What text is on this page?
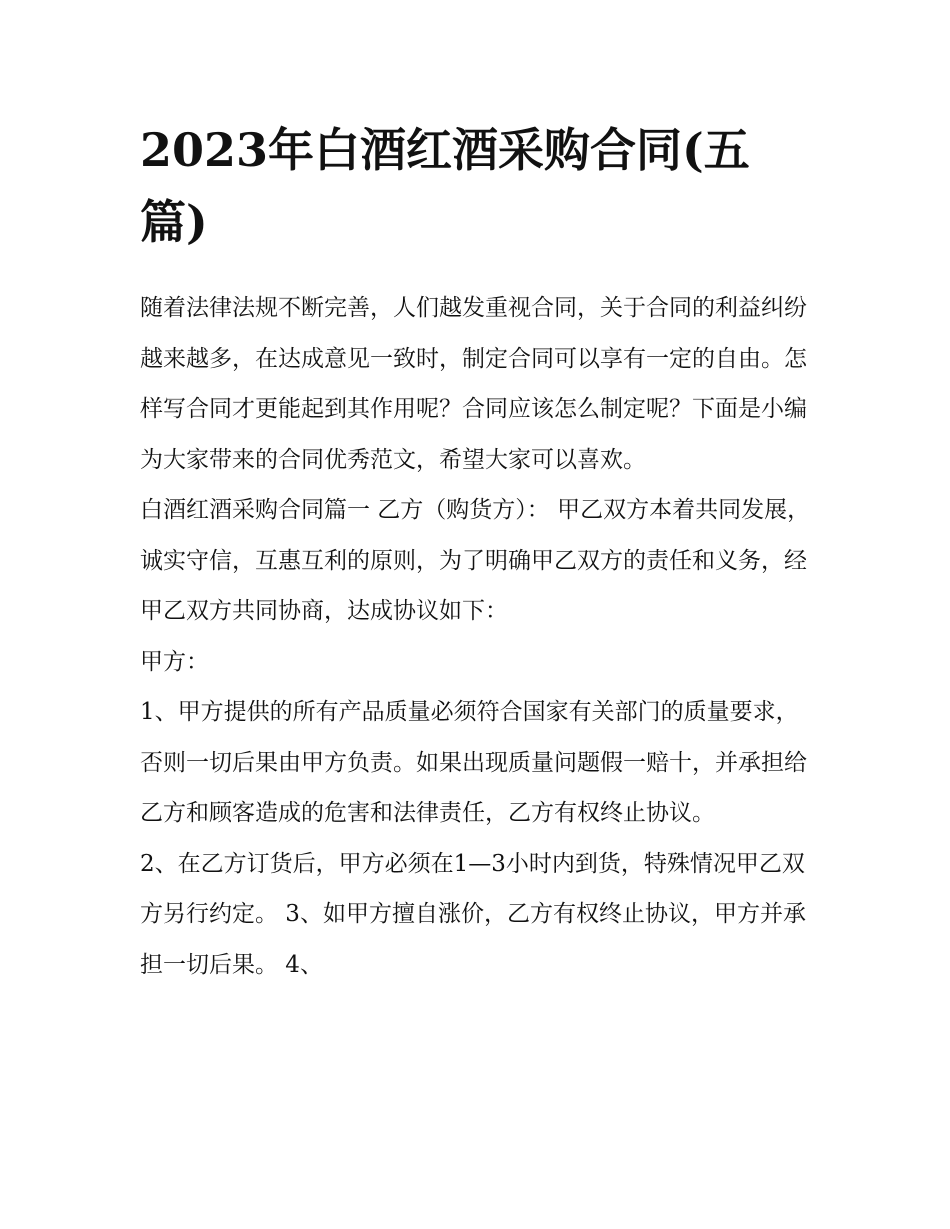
2023年白酒红酒采购合同(五篇)

随着法律法规不断完善，人们越发重视合同，关于合同的利益纠纷越来越多，在达成意见一致时，制定合同可以享有一定的自由。怎样写合同才更能起到其作用呢？合同应该怎么制定呢？下面是小编为大家带来的合同优秀范文，希望大家可以喜欢。

白酒红酒采购合同篇一 乙方（购货方）： 甲乙双方本着共同发展，诚实守信，互惠互利的原则，为了明确甲乙双方的责任和义务，经甲乙双方共同协商，达成协议如下：

甲方：

1、甲方提供的所有产品质量必须符合国家有关部门的质量要求，否则一切后果由甲方负责。如果出现质量问题假一赔十，并承担给乙方和顾客造成的危害和法律责任，乙方有权终止协议。

2、在乙方订货后，甲方必须在1—3小时内到货，特殊情况甲乙双方另行约定。 3、如甲方擅自涨价，乙方有权终止协议，甲方并承担一切后果。 4、
